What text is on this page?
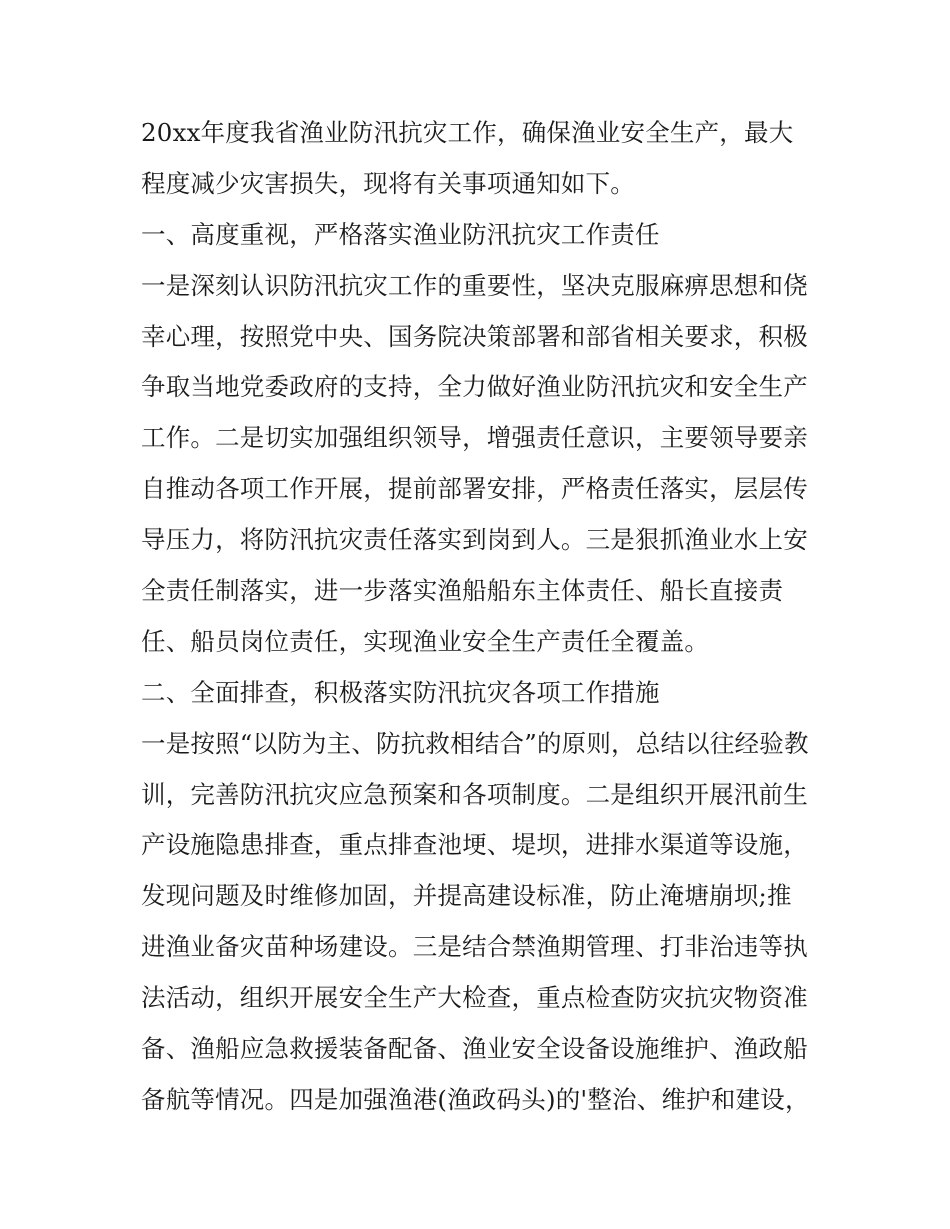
20xx年度我省渔业防汛抗灾工作，确保渔业安全生产，最大
程度减少灾害损失，现将有关事项通知如下。
一、高度重视，严格落实渔业防汛抗灾工作责任
一是深刻认识防汛抗灾工作的重要性，坚决克服麻痹思想和侥
幸心理，按照党中央、国务院决策部署和部省相关要求，积极
争取当地党委政府的支持，全力做好渔业防汛抗灾和安全生产
工作。二是切实加强组织领导，增强责任意识，主要领导要亲
自推动各项工作开展，提前部署安排，严格责任落实，层层传
导压力，将防汛抗灾责任落实到岗到人。三是狠抓渔业水上安
全责任制落实，进一步落实渔船船东主体责任、船长直接责
任、船员岗位责任，实现渔业安全生产责任全覆盖。
二、全面排查，积极落实防汛抗灾各项工作措施
一是按照“以防为主、防抗救相结合”的原则，总结以往经验教
训，完善防汛抗灾应急预案和各项制度。二是组织开展汛前生
产设施隐患排查，重点排查池埂、堤坝，进排水渠道等设施，
发现问题及时维修加固，并提高建设标准，防止淹塘崩坝;推
进渔业备灾苗种场建设。三是结合禁渔期管理、打非治违等执
法活动，组织开展安全生产大检查，重点检查防灾抗灾物资准
备、渔船应急救援装备配备、渔业安全设备设施维护、渔政船
备航等情况。四是加强渔港(渔政码头)的'整治、维护和建设，
